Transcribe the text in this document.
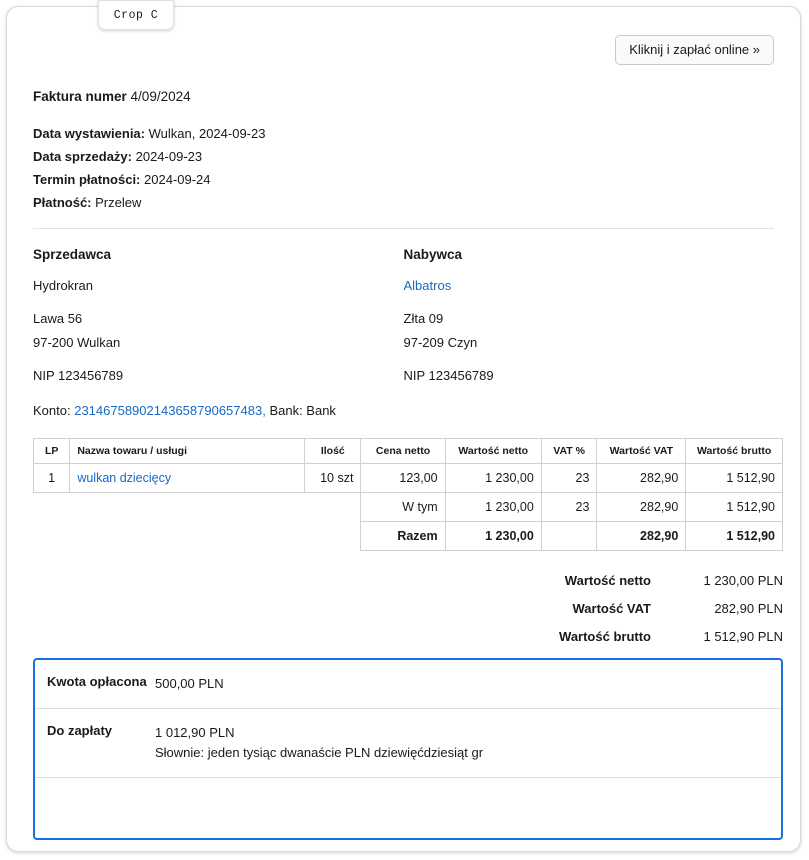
Kliknij i zapłać online »
Faktura numer 4/09/2024
Data wystawienia: Wulkan, 2024-09-23
Data sprzedaży: 2024-09-23
Termin płatności: 2024-09-24
Płatność: Przelew
Sprzedawca
Hydrokran
Lawa 56
97-200 Wulkan
NIP 123456789
Nabywca
Albatros
Złta 09
97-209 Czyn
NIP 123456789
Konto: 23146758902143658790657483, Bank: Bank
LP	Nazwa towaru / usługi	Ilość	Cena netto	Wartość netto	VAT %	Wartość VAT	Wartość brutto
1	wulkan dziecięcy	10 szt	123,00	1 230,00	23	282,90	1 512,90
			W tym	1 230,00	23	282,90	1 512,90
			Razem	1 230,00		282,90	1 512,90
Wartość netto	1 230,00 PLN
Wartość VAT	282,90 PLN
Wartość brutto	1 512,90 PLN
Kwota opłacona 500,00 PLN
Do zapłaty	1 012,90 PLN
Słownie: jeden tysiąc dwanaście PLN dziewięćdziesiąt gr
Crop C
